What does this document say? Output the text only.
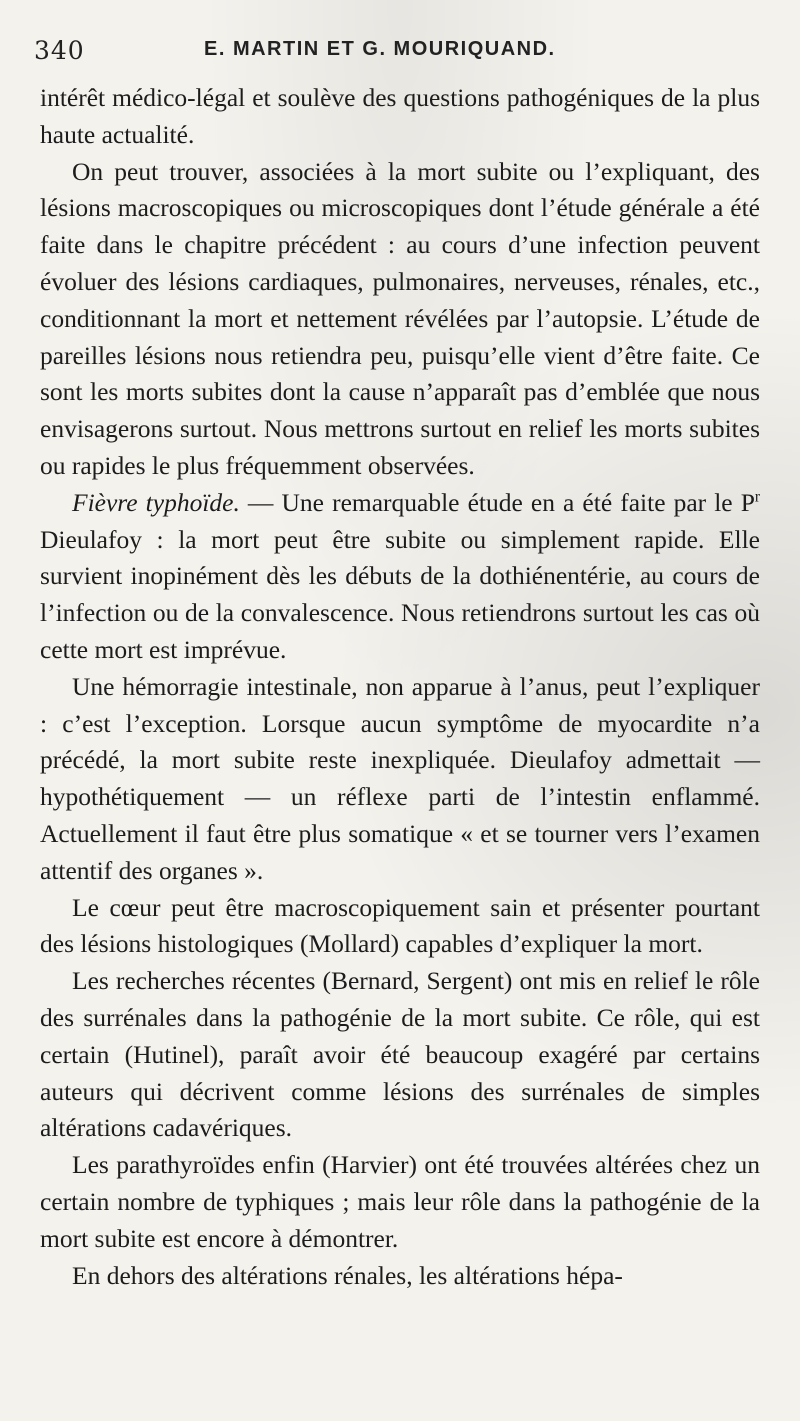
340	E. MARTIN ET G. MOURIQUAND.

intérêt médico-légal et soulève des questions pathogéniques de la plus haute actualité.

On peut trouver, associées à la mort subite ou l’expliquant, des lésions macroscopiques ou microscopiques dont l’étude générale a été faite dans le chapitre précédent : au cours d’une infection peuvent évoluer des lésions cardiaques, pulmonaires, nerveuses, rénales, etc., conditionnant la mort et nettement révélées par l’autopsie. L’étude de pareilles lésions nous retiendra peu, puisqu’elle vient d’être faite. Ce sont les morts subites dont la cause n’apparaît pas d’emblée que nous envisagerons surtout. Nous mettrons surtout en relief les morts subites ou rapides le plus fréquemment observées.

Fièvre typhoïde. — Une remarquable étude en a été faite par le $P^r$ Dieulafoy : la mort peut être subite ou simplement rapide. Elle survient inopinément dès les débuts de la dothiénentérie, au cours de l’infection ou de la convalescence. Nous retiendrons surtout les cas où cette mort est imprévue.

Une hémorragie intestinale, non apparue à l’anus, peut l’expliquer : c’est l’exception. Lorsque aucun symptôme de myocardite n’a précédé, la mort subite reste inexpliquée. Dieulafoy admettait — hypothétiquement — un réflexe parti de l’intestin enflammé. Actuellement il faut être plus somatique « et se tourner vers l’examen attentif des organes ».

Le cœur peut être macroscopiquement sain et présenter pourtant des lésions histologiques (Mollard) capables d’expliquer la mort.

Les recherches récentes (Bernard, Sergent) ont mis en relief le rôle des surrénales dans la pathogénie de la mort subite. Ce rôle, qui est certain (Hutinel), paraît avoir été beaucoup exagéré par certains auteurs qui décrivent comme lésions des surrénales de simples altérations cadavériques.

Les parathyroïdes enfin (Harvier) ont été trouvées altérées chez un certain nombre de typhiques ; mais leur rôle dans la pathogénie de la mort subite est encore à démontrer.

En dehors des altérations rénales, les altérations hépa-
